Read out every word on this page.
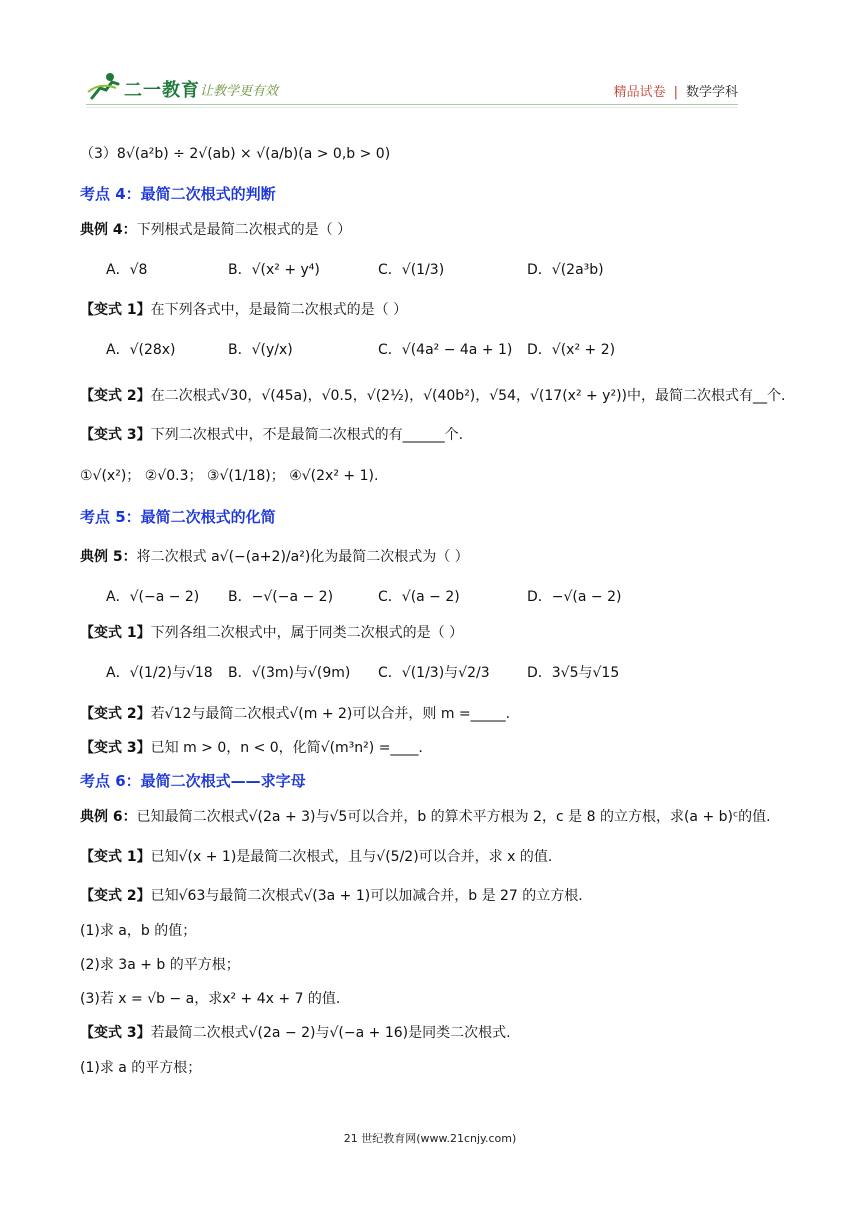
二一教育 让教学更有效	精品试卷 | 数学学科
（3）8√(a²b) ÷ 2√(ab) × √(a/b)(a > 0,b > 0)
考点 4：最简二次根式的判断
典例 4：下列根式是最简二次根式的是（ ）
A．√8	B．√(x² + y⁴)	C．√(1/3)	D．√(2a³b)
【变式 1】在下列各式中，是最简二次根式的是（ ）
A．√(28x)	B．√(y/x)	C．√(4a² − 4a + 1) D．√(x² + 2)
【变式 2】在二次根式√30，√(45a)，√0.5，√(2½)，√(40b²)，√54，√(17(x² + y²))中，最简二次根式有__个.
【变式 3】下列二次根式中，不是最简二次根式的有______个.
①√(x²)； ②√0.3； ③√(1/18)； ④√(2x² + 1).
考点 5：最简二次根式的化简
典例 5：将二次根式 a√(−(a+2)/a²)化为最简二次根式为（ ）
A．√(−a − 2) B．−√(−a − 2)	C．√(a − 2)	D．−√(a − 2)
【变式 1】下列各组二次根式中，属于同类二次根式的是（ ）
A．√(1/2)与√18 B．√(3m)与√(9m) C．√(1/3)与√2/3	D．3√5与√15
【变式 2】若√12与最简二次根式√(m + 2)可以合并，则 m =_____.
【变式 3】已知 m > 0，n < 0，化简√(m³n²) =____.
考点 6：最简二次根式——求字母
典例 6：已知最简二次根式√(2a + 3)与√5可以合并，b 的算术平方根为 2，c 是 8 的立方根，求(a + b)ᶜ的值.
【变式 1】已知√(x + 1)是最简二次根式，且与√(5/2)可以合并，求 x 的值.
【变式 2】已知√63与最简二次根式√(3a + 1)可以加减合并，b 是 27 的立方根.
(1)求 a，b 的值；
(2)求 3a + b 的平方根；
(3)若 x = √b − a，求x² + 4x + 7 的值.
【变式 3】若最简二次根式√(2a − 2)与√(−a + 16)是同类二次根式.
(1)求 a 的平方根；
21 世纪教育网(www.21cnjy.com)
